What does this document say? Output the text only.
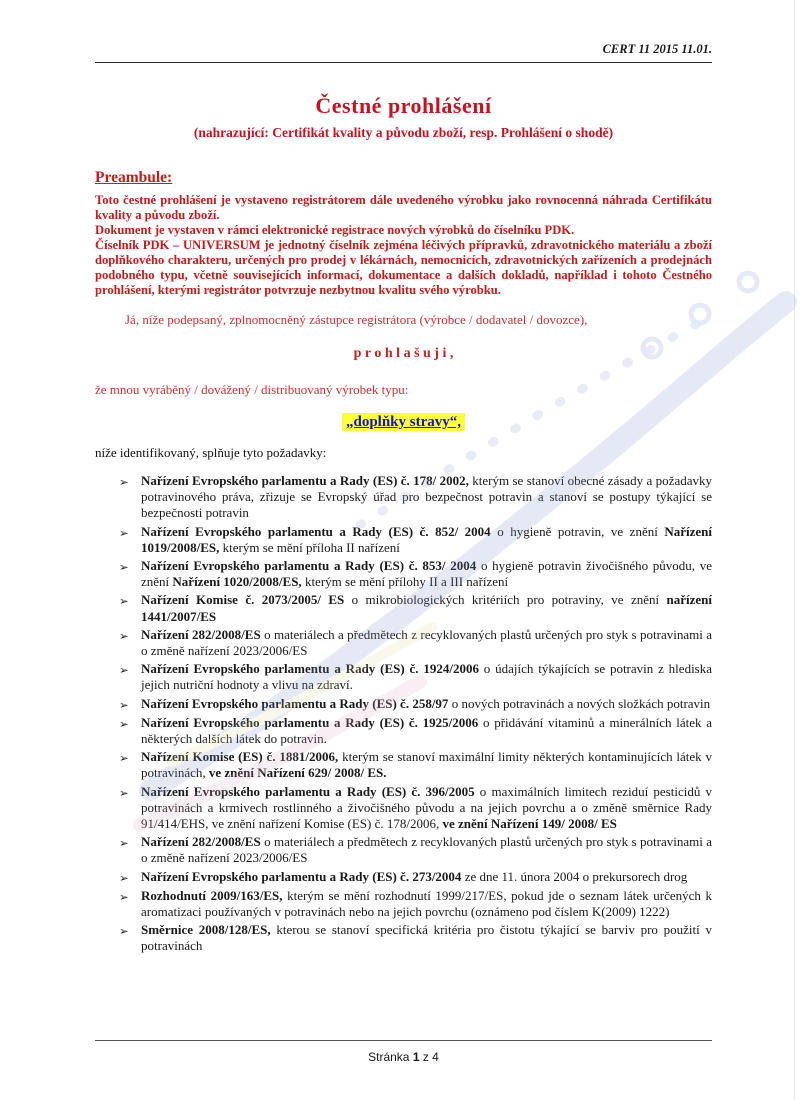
CERT 11 2015 11.01.
Čestné prohlášení
(nahrazující: Certifikát kvality a původu zboží, resp. Prohlášení o shodě)
Preambule:

Toto čestné prohlášení je vystaveno registrátorem dále uvedeného výrobku jako rovnocenná náhrada Certifikátu kvality a původu zboží.

Dokument je vystaven v rámci elektronické registrace nových výrobků do číselníku PDK.

Číselník PDK – UNIVERSUM je jednotný číselník zejména léčivých přípravků, zdravotnického materiálu a zboží doplňkového charakteru, určených pro prodej v lékárnách, nemocnicích, zdravotnických zařízeních a prodejnách podobného typu, včetně souvisejících informací, dokumentace a dalších dokladů, například i tohoto Čestného prohlášení, kterými registrátor potvrzuje nezbytnou kvalitu svého výrobku.

Já, níže podepsaný, zplnomocněný zástupce registrátora (výrobce / dodavatel / dovozce),

p r o h l a š u j i ,

že mnou vyráběný / dovážený / distribuovaný výrobek typu:

„doplňky stravy“,

níže identifikovaný, splňuje tyto požadavky:

➢ Nařízení Evropského parlamentu a Rady (ES) č. 178/ 2002, kterým se stanoví obecné zásady a požadavky potravinového práva, zřizuje se Evropský úřad pro bezpečnost potravin a stanoví se postupy týkající se bezpečnosti potravin
➢ Nařízení Evropského parlamentu a Rady (ES) č. 852/ 2004 o hygieně potravin, ve znění Nařízení 1019/2008/ES, kterým se mění příloha II nařízení
➢ Nařízení Evropského parlamentu a Rady (ES) č. 853/ 2004 o hygieně potravin živočišného původu, ve znění Nařízení 1020/2008/ES, kterým se mění přílohy II a III nařízení
➢ Nařízení Komise č. 2073/2005/ ES o mikrobiologických kritériích pro potraviny, ve znění nařízení 1441/2007/ES
➢ Nařízení 282/2008/ES o materiálech a předmětech z recyklovaných plastů určených pro styk s potravinami a o změně nařízení 2023/2006/ES
➢ Nařízení Evropského parlamentu a Rady (ES) č. 1924/2006 o údajích týkajících se potravin z hlediska jejich nutriční hodnoty a vlivu na zdraví.
➢ Nařízení Evropského parlamentu a Rady (ES) č. 258/97 o nových potravinách a nových složkách potravin
➢ Nařízení Evropského parlamentu a Rady (ES) č. 1925/2006 o přidávání vitaminů a minerálních látek a některých dalších látek do potravin.
➢ Nařízení Komise (ES) č. 1881/2006, kterým se stanoví maximální limity některých kontaminujících látek v potravinách, ve znění Nařízení 629/ 2008/ ES.
➢ Nařízení Evropského parlamentu a Rady (ES) č. 396/2005 o maximálních limitech reziduí pesticidů v potravinách a krmivech rostlinného a živočišného původu a na jejich povrchu a o změně směrnice Rady 91/414/EHS, ve znění nařízení Komise (ES) č. 178/2006, ve znění Nařízení 149/ 2008/ ES
➢ Nařízení 282/2008/ES o materiálech a předmětech z recyklovaných plastů určených pro styk s potravinami a o změně nařízení 2023/2006/ES
➢ Nařízení Evropského parlamentu a Rady (ES) č. 273/2004 ze dne 11. února 2004 o prekursorech drog
➢ Rozhodnutí 2009/163/ES, kterým se mění rozhodnutí 1999/217/ES, pokud jde o seznam látek určených k aromatizaci používaných v potravinách nebo na jejich povrchu (oznámeno pod číslem K(2009) 1222)
➢ Směrnice 2008/128/ES, kterou se stanoví specifická kritéria pro čistotu týkající se barviv pro použití v potravinách
Stránka 1 z 4
